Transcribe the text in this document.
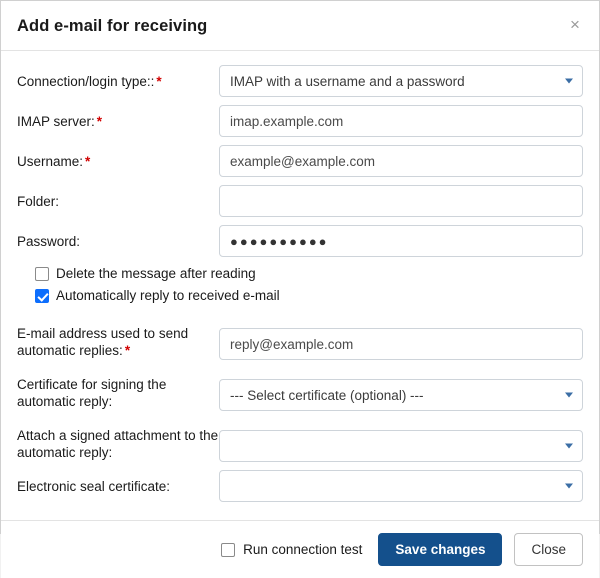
Add e-mail for receiving	×
Connection/login type:: *	IMAP with a username and a password
IMAP server: *	imap.example.com
Username: *	example@example.com
Folder:
Password:	●●●●●●●●●●
Delete the message after reading
Automatically reply to received e-mail
E-mail address used to send automatic replies: *	reply@example.com
Certificate for signing the automatic reply:	--- Select certificate (optional) ---
Attach a signed attachment to the automatic reply:
Electronic seal certificate:
Run connection test	Save changes	Close
